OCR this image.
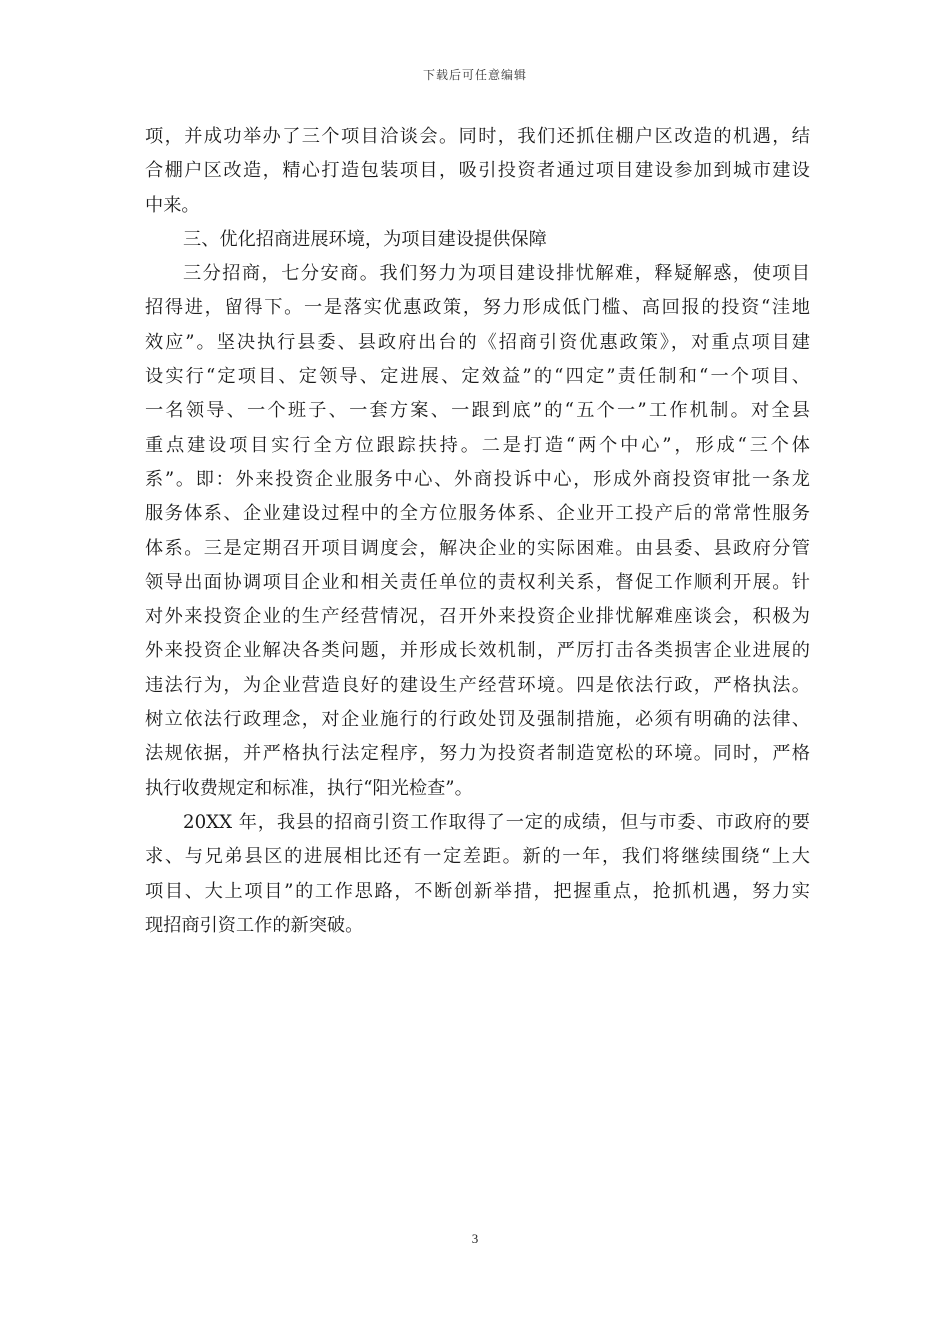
下载后可任意编辑
项，并成功举办了三个项目洽谈会。同时，我们还抓住棚户区改造的机遇，结
合棚户区改造，精心打造包装项目，吸引投资者通过项目建设参加到城市建设
中来。
三、优化招商进展环境，为项目建设提供保障
三分招商，七分安商。我们努力为项目建设排忧解难，释疑解惑，使项目
招得进，留得下。一是落实优惠政策，努力形成低门槛、高回报的投资“洼地
效应”。坚决执行县委、县政府出台的《招商引资优惠政策》，对重点项目建
设实行“定项目、定领导、定进展、定效益”的“四定”责任制和“一个项目、
一名领导、一个班子、一套方案、一跟到底”的“五个一”工作机制。对全县
重点建设项目实行全方位跟踪扶持。二是打造“两个中心”，形成“三个体
系”。即：外来投资企业服务中心、外商投诉中心，形成外商投资审批一条龙
服务体系、企业建设过程中的全方位服务体系、企业开工投产后的常常性服务
体系。三是定期召开项目调度会，解决企业的实际困难。由县委、县政府分管
领导出面协调项目企业和相关责任单位的责权利关系，督促工作顺利开展。针
对外来投资企业的生产经营情况，召开外来投资企业排忧解难座谈会，积极为
外来投资企业解决各类问题，并形成长效机制，严厉打击各类损害企业进展的
违法行为，为企业营造良好的建设生产经营环境。四是依法行政，严格执法。
树立依法行政理念，对企业施行的行政处罚及强制措施，必须有明确的法律、
法规依据，并严格执行法定程序，努力为投资者制造宽松的环境。同时，严格
执行收费规定和标准，执行“阳光检查”。
20XX 年，我县的招商引资工作取得了一定的成绩，但与市委、市政府的要
求、与兄弟县区的进展相比还有一定差距。新的一年，我们将继续围绕“上大
项目、大上项目”的工作思路，不断创新举措，把握重点，抢抓机遇，努力实
现招商引资工作的新突破。
3
